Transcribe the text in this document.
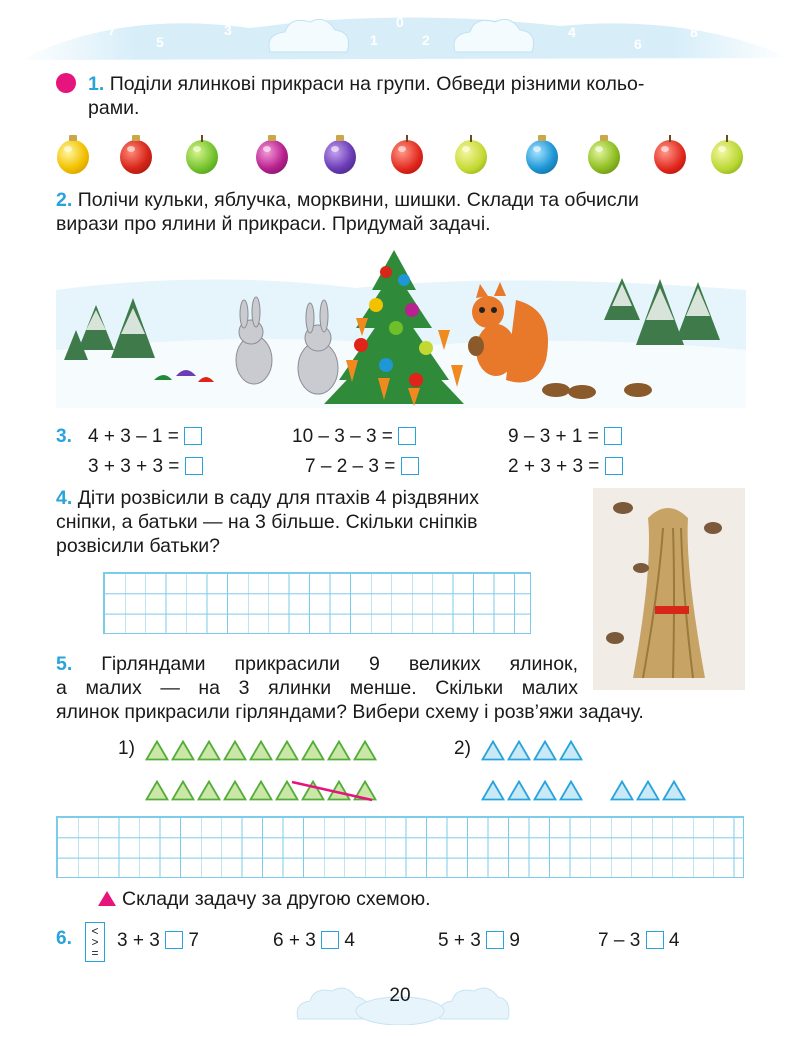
7
5
3
1
0
2	4
6
8
1. Поділи ялинкові прикраси на групи. Обведи різними кольо-
рами.
2. Полічи кульки, яблучка, морквини, шишки. Склади та обчисли
вирази про ялини й прикраси. Придумай задачі.
3. 4 + 3 – 1 =	10 – 3 – 3 =	9 – 3 + 1 =
3 + 3 + 3 =	7 – 2 – 3 =	2 + 3 + 3 =
4. Діти розвісили в саду для птахів 4 різдвяних
сніпки, а батьки — на 3 більше. Скільки сніпків
розвісили батьки?
5. Гірляндами прикрасили 9 великих ялинок,
а малих — на 3 ялинки менше. Скільки малих
ялинок прикрасили гірляндами? Вибери схему і розв’яжи задачу.
1)	2)
Склади задачу за другою схемою.
6. <
>
=
3 + 3 7	6 + 3 4	5 + 3 9	7 – 3 4
20
